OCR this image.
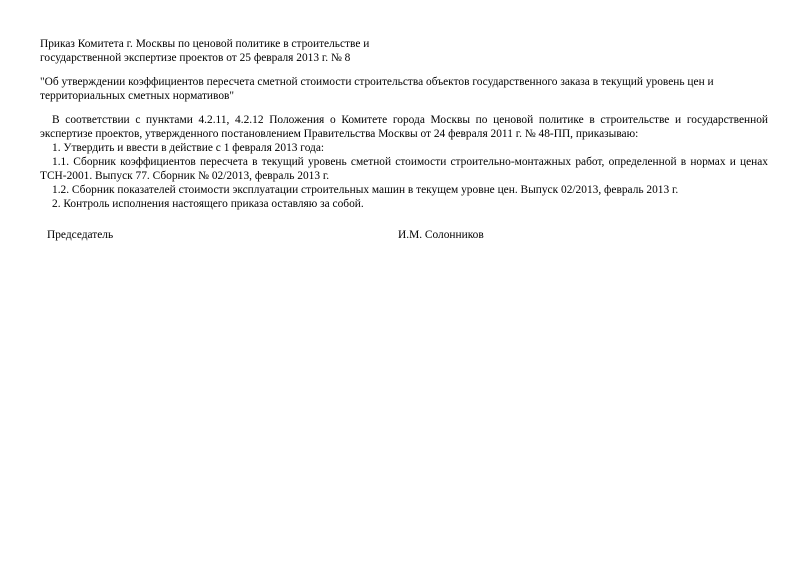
Приказ Комитета г. Москвы по ценовой политике в строительстве и

государственной экспертизе проектов от 25 февраля 2013 г. № 8

"Об утверждении коэффициентов пересчета сметной стоимости строительства объектов государственного заказа в текущий уровень цен и

территориальных сметных нормативов"

В соответствии с пунктами 4.2.11, 4.2.12 Положения о Комитете города Москвы по ценовой политике в строительстве и государственной экспертизе проектов, утвержденного постановлением Правительства Москвы от 24 февраля 2011 г. № 48-ПП, приказываю:

1. Утвердить и ввести в действие с 1 февраля 2013 года:

1.1. Сборник коэффициентов пересчета в текущий уровень сметной стоимости строительно-монтажных работ, определенной в нормах и ценах ТСН-2001. Выпуск 77. Сборник № 02/2013, февраль 2013 г.

1.2. Сборник показателей стоимости эксплуатации строительных машин в текущем уровне цен. Выпуск 02/2013, февраль 2013 г.

2. Контроль исполнения настоящего приказа оставляю за собой.

Председатель	И.М. Солонников
